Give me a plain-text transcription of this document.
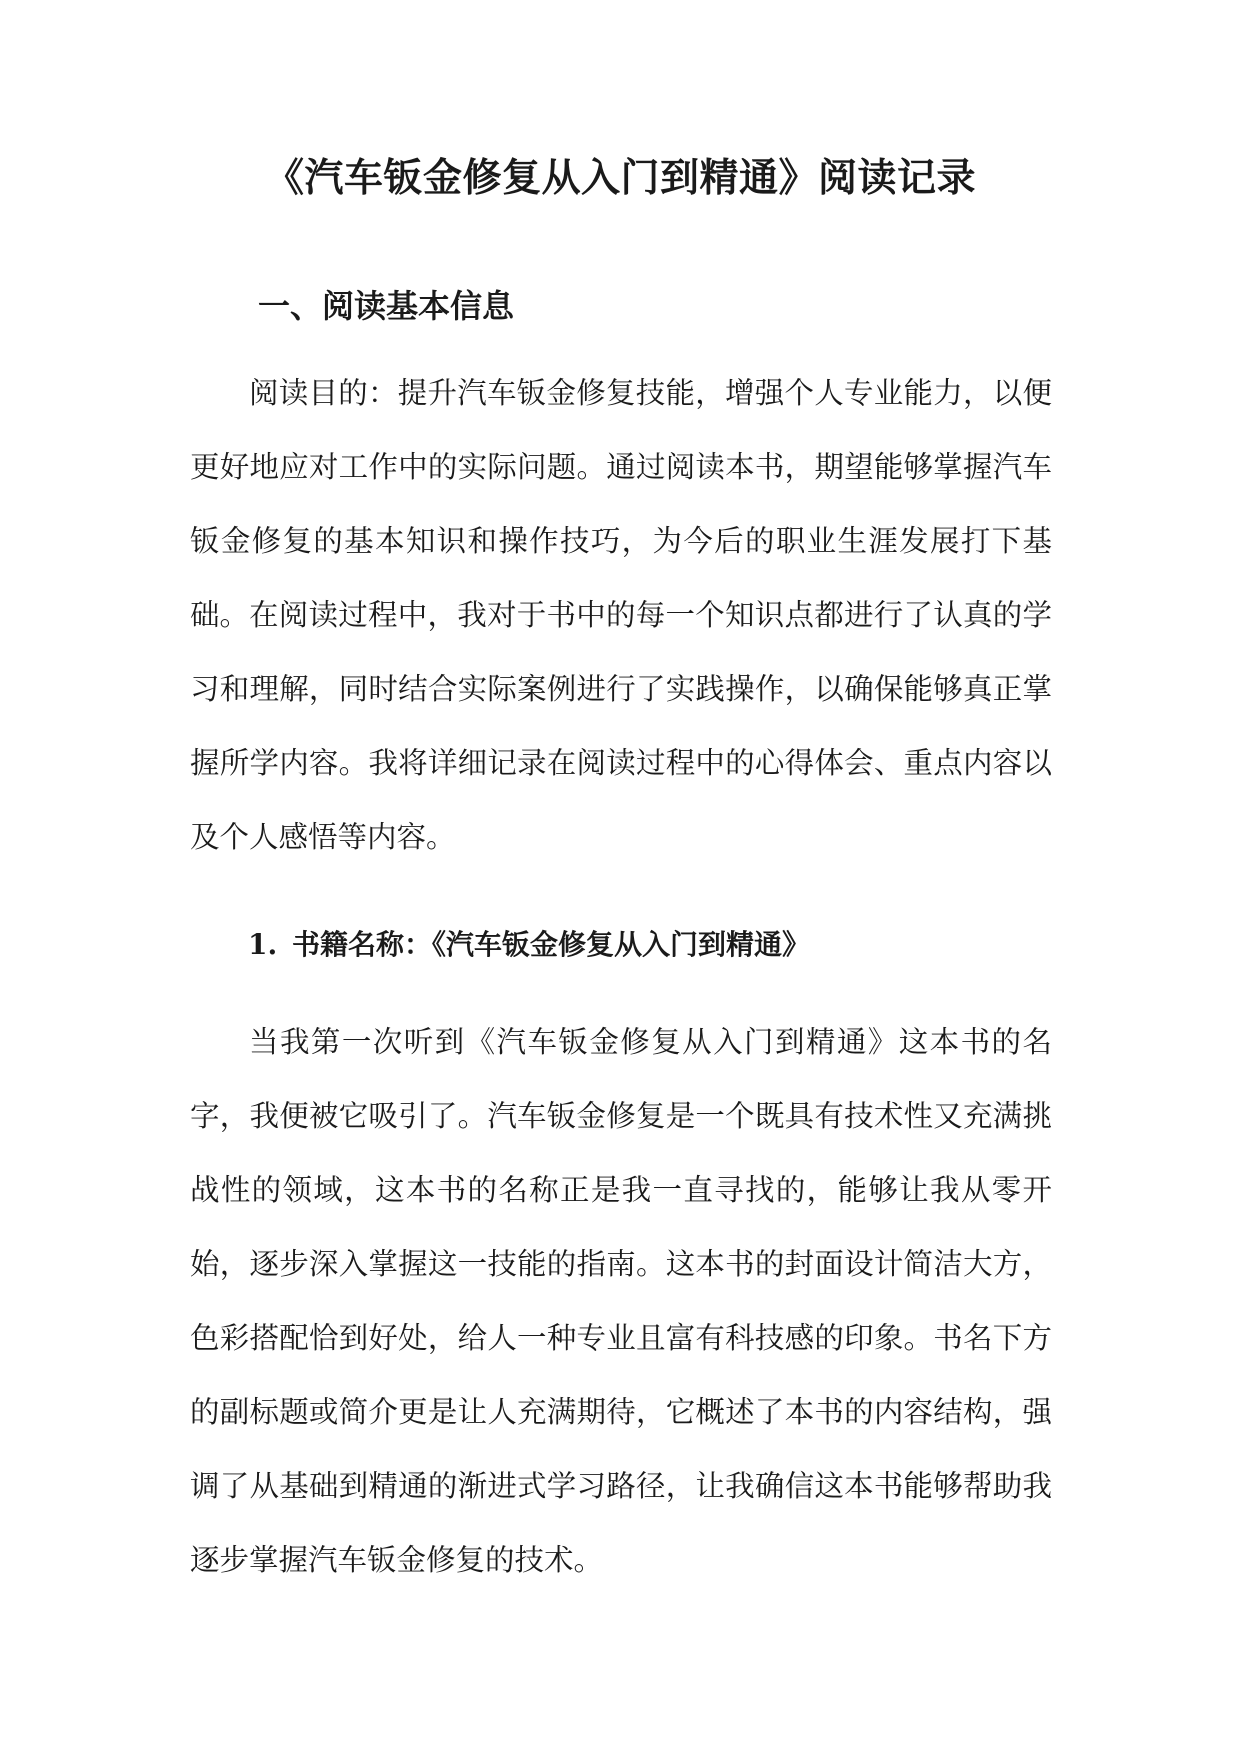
《汽车钣金修复从入门到精通》阅读记录
一、阅读基本信息

阅读目的：提升汽车钣金修复技能，增强个人专业能力，以便更好地应对工作中的实际问题。通过阅读本书，期望能够掌握汽车钣金修复的基本知识和操作技巧，为今后的职业生涯发展打下基础。 在阅读过程中，我对于书中的每一个知识点都进行了认真的学习和理解，同时结合实际案例进行了实践操作，以确保能够真正掌握所学内容。我将详细记录在阅读过程中的心得体会、重点内容以及个人感悟等内容。

1. 书籍名称：《汽车钣金修复从入门到精通》

当我第一次听到《汽车钣金修复从入门到精通》这本书的名字，我便被它吸引了。汽车钣金修复是一个既具有技术性又充满挑战性的领域，这本书的名称正是我一直寻找的，能够让我从零开始，逐步深入掌握这一技能的指南。这本书的封面设计简洁大方，色彩搭配恰到好处，给人一种专业且富有科技感的印象。书名下方的副标题或简介更是让人充满期待，它概述了本书的内容结构，强调了从基础到精通的渐进式学习路径，让我确信这本书能够帮助我逐步掌握汽车钣金修复的技术。
